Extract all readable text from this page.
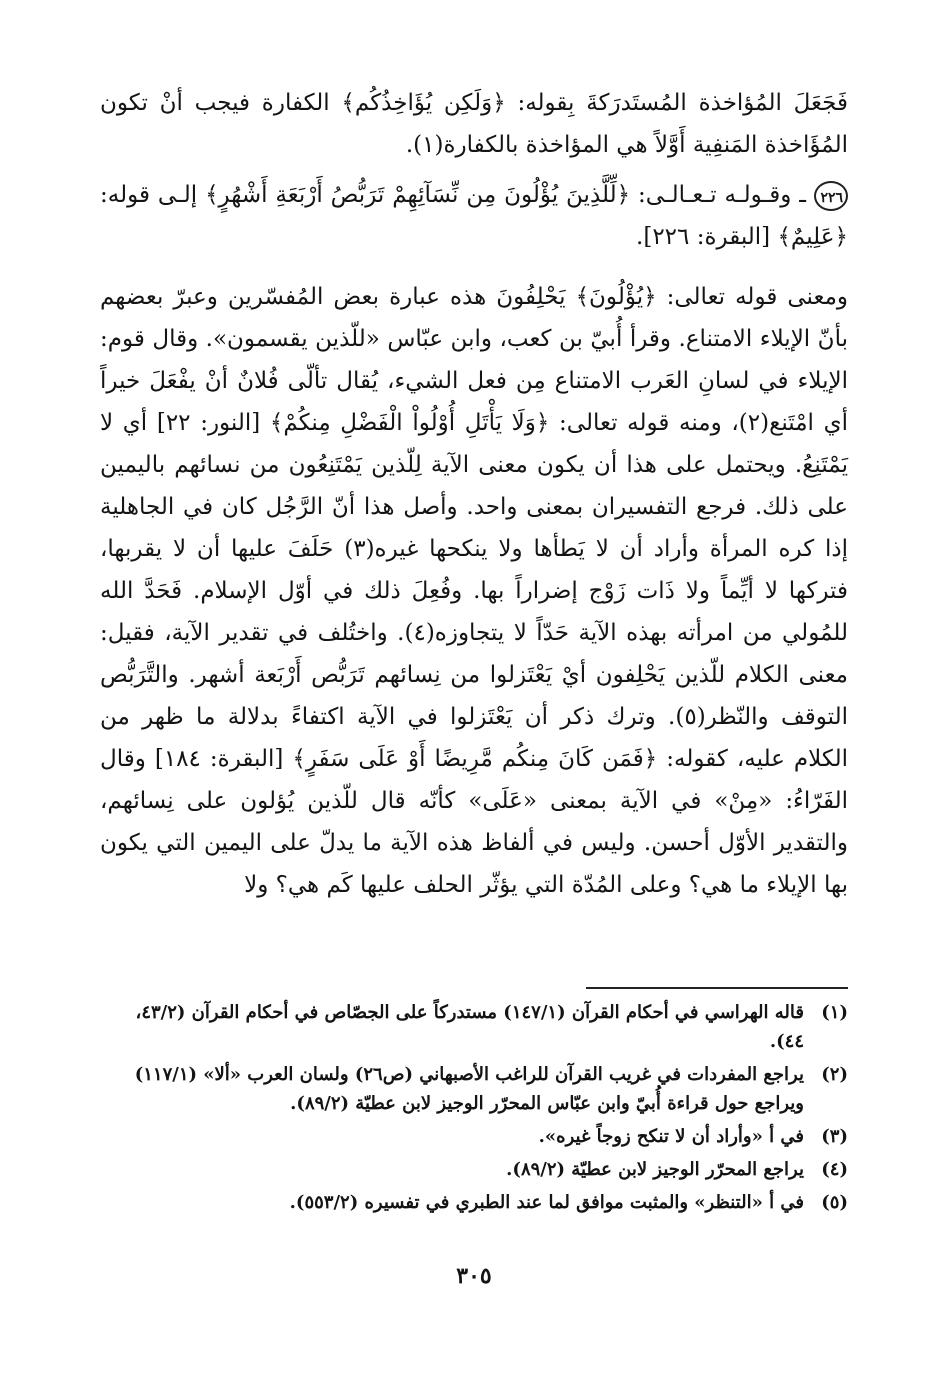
فَجَعَلَ المُؤاخذة المُستَدرَكةَ بِقوله: ﴿وَلَكِن يُؤَاخِذُكُم﴾ الكفارة فيجب أنْ تكون المُؤَاخذة المَنفِية أَوَّلاً هي المؤاخذة بالكفارة(١).

٢٢٦ـ وقـولـه تـعـالـى: ﴿لِّلَّذِينَ يُؤْلُونَ مِن نِّسَآئِهِمْ تَرَبُّصُ أَرْبَعَةِ أَشْهُرٍ﴾ إلـى قوله: ﴿عَلِيمٌ﴾ [البقرة: ٢٢٦].

ومعنى قوله تعالى: ﴿يُؤْلُونَ﴾ يَحْلِفُونَ هذه عبارة بعض المُفسّرين وعبرّ بعضهم بأنّ الإيلاء الامتناع. وقرأ أُبيّ بن كعب، وابن عبّاس «للّذين يقسمون». وقال قوم: الإيلاء في لسانِ العَرب الامتناع مِن فعل الشيء، يُقال تألّى فُلانٌ أنْ يفْعَلَ خيراً أي امْتَنع(٢)، ومنه قوله تعالى: ﴿وَلَا يَأْتَلِ أُوْلُواْ الْفَضْلِ مِنكُمْ﴾ [النور: ٢٢] أي لا يَمْتَنِعُ. ويحتمل على هذا أن يكون معنى الآية لِلّذين يَمْتَنِعُون من نسائهم باليمين على ذلك. فرجع التفسيران بمعنى واحد. وأصل هذا أنّ الرَّجُل كان في الجاهلية إذا كره المرأة وأراد أن لا يَطأها ولا ينكحها غيره(٣) حَلَفَ عليها أن لا يقربها، فتركها لا أيِّماً ولا ذَات زَوْج إضراراً بها. وفُعِلَ ذلك في أوّل الإسلام. فَحَدَّ الله للمُولي من امرأته بهذه الآية حَدّاً لا يتجاوزه(٤). واختُلف في تقدير الآية، فقيل: معنى الكلام للّذين يَحْلِفون أيْ يَعْتَزلوا من نِسائهم تَرَبُّص أَرْبَعة أشهر. والتَّرَبُّص التوقف والنّظر(٥). وترك ذكر أن يَعْتَزلوا في الآية اكتفاءً بدلالة ما ظهر من الكلام عليه، كقوله: ﴿فَمَن كَانَ مِنكُم مَّرِيضًا أَوْ عَلَى سَفَرٍ﴾ [البقرة: ١٨٤] وقال الفَرّاءُ: «مِنْ» في الآية بمعنى «عَلَى» كأنّه قال للّذين يُؤلون على نِسائهم، والتقدير الأوّل أحسن. وليس في ألفاظ هذه الآية ما يدلّ على اليمين التي يكون بها الإيلاء ما هي؟ وعلى المُدّة التي يؤثّر الحلف عليها كَم هي؟ ولا

(١)
قاله الهراسي في أحكام القرآن (١٤٧/١) مستدركاً على الجصّاص في أحكام القرآن (٤٣/٢، ٤٤).
(٢)
يراجع المفردات في غريب القرآن للراغب الأصبهاني (ص٢٦) ولسان العرب «ألا» (١١٧/١) ويراجع حول قراءة أُبيّ وابن عبّاس المحرّر الوجيز لابن عطيّة (٨٩/٢).
(٣)
في أ «وأراد أن لا تنكح زوجاً غيره».
(٤)
يراجع المحرّر الوجيز لابن عطيّة (٨٩/٢).
(٥)
في أ «التنظر» والمثبت موافق لما عند الطبري في تفسيره (٥٥٣/٢).
٣٠٥
